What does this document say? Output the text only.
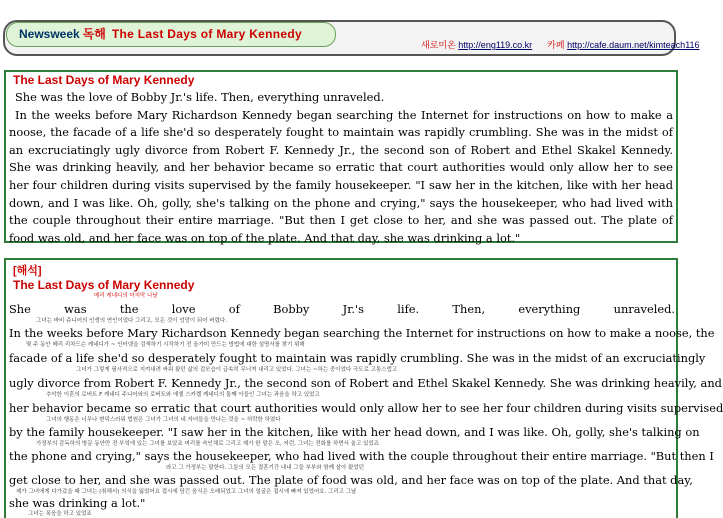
Newsweek 독해 The Last Days of Mary Kennedy
새로미온 http://eng119.co.kr 카페 http://cafe.daum.net/kimteach116
The Last Days of Mary Kennedy

She was the love of Bobby Jr.'s life. Then, everything unraveled.

In the weeks before Mary Richardson Kennedy began searching the Internet for instructions on how to make a noose, the facade of a life she'd so desperately fought to maintain was rapidly crumbling. She was in the midst of an excruciatingly ugly divorce from Robert F. Kennedy Jr., the second son of Robert and Ethel Skakel Kennedy. She was drinking heavily, and her behavior became so erratic that court authorities would only allow her to see her four children during visits supervised by the family housekeeper. "I saw her in the kitchen, like with her head down, and I was like. Oh, golly, she's talking on the phone and crying," says the housekeeper, who had lived with the couple throughout their entire marriage. "But then I get close to her, and she was passed out. The plate of food was old, and her face was on top of the plate. And that day, she was drinking a lot."

[해석]
The Last Days of Mary Kennedy
메리 케네디의 마지막 나날
She was the love of Bobby Jr.'s life. Then, everything unraveled.
그녀는 바비 쥬니어의 인생의 연인이었다 그리고, 모든 것이 엉망이 되어 버렸다.
In the weeks before Mary Richardson Kennedy began searching the Internet for instructions on how to make a noose, the
몇 주 동안 메리 리차드슨 케네디가 ~ 인터넷을 검색하기 시작하기 전 올가미 만드는 방법에 대한 설명서를 찾기 위해
facade of a life she'd so desperately fought to maintain was rapidly crumbling. She was in the midst of an excruciatingly
그녀가 그렇게 필사적으로 지켜내려 싸워 왔던 삶의 겉모습이 급속히 무너져 내리고 있었다. 그녀는 ~하는 중이었다 극도로 고통스럽고
ugly divorce from Robert F. Kennedy Jr., the second son of Robert and Ethel Skakel Kennedy. She was drinking heavily, and
추악한 이혼의 로버트 F 케네디 주니어와의 로버트와 에셀 스카켈 케네디의 둘째 아들인 그녀는 과음을 하고 있었고
her behavior became so erratic that court authorities would only allow her to see her four children during visits supervised
그녀의 행동은 너무나 변덕스러워 법원은 그녀가 그녀의 네 자녀들을 만나는 것을 ~ 허락한 하였다
by the family housekeeper. "I saw her in the kitchen, like with her head down, and I was like. Oh, golly, she's talking on
가정부의 감독하의 방문 동안만 전 부엌에 있는 그녀를 보았죠 머리를 숙인채로 그리고 제가 한 말은 오, 저런, 그녀는 전화를 하면서 울고 있었죠
the phone and crying," says the housekeeper, who had lived with the couple throughout their entire marriage. "But then I
라고 그 가정부는 말한다. 그들의 모든 결혼기간 내내 그들 부부와 함께 살아 왔었던
get close to her, and she was passed out. The plate of food was old, and her face was on top of the plate. And that day,
제가 그녀에게 다가갔을 때 그녀는 (취해서) 의식을 잃었어요 접시에 담긴 음식은 오래되었고 그녀의 얼굴은 접시에 빠져 있었어요. 그리고 그날
she was drinking a lot."
그녀는 폭음을 하고 있었죠
